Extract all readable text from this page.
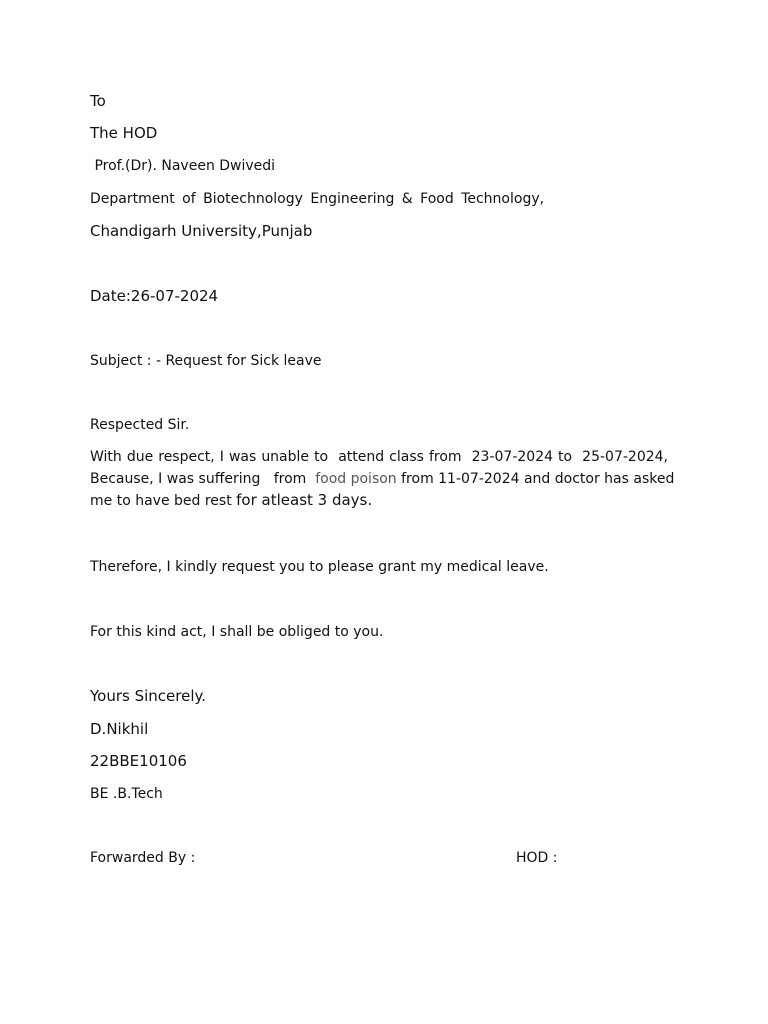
To
The HOD
Prof.(Dr). Naveen Dwivedi
Department of Biotechnology Engineering & Food Technology,
Chandigarh University,Punjab
Date:26-07-2024
Subject : - Request for Sick leave
Respected Sir.
With due respect, I was unable to  attend class from  23-07-2024 to  25-07-2024,
Because, I was suffering   from  food poison from 11-07-2024 and doctor has asked
me to have bed rest for atleast 3 days.
Therefore, I kindly request you to please grant my medical leave.
For this kind act, I shall be obliged to you.
Yours Sincerely.
D.Nikhil
22BBE10106
BE .B.Tech
Forwarded By :	HOD :
